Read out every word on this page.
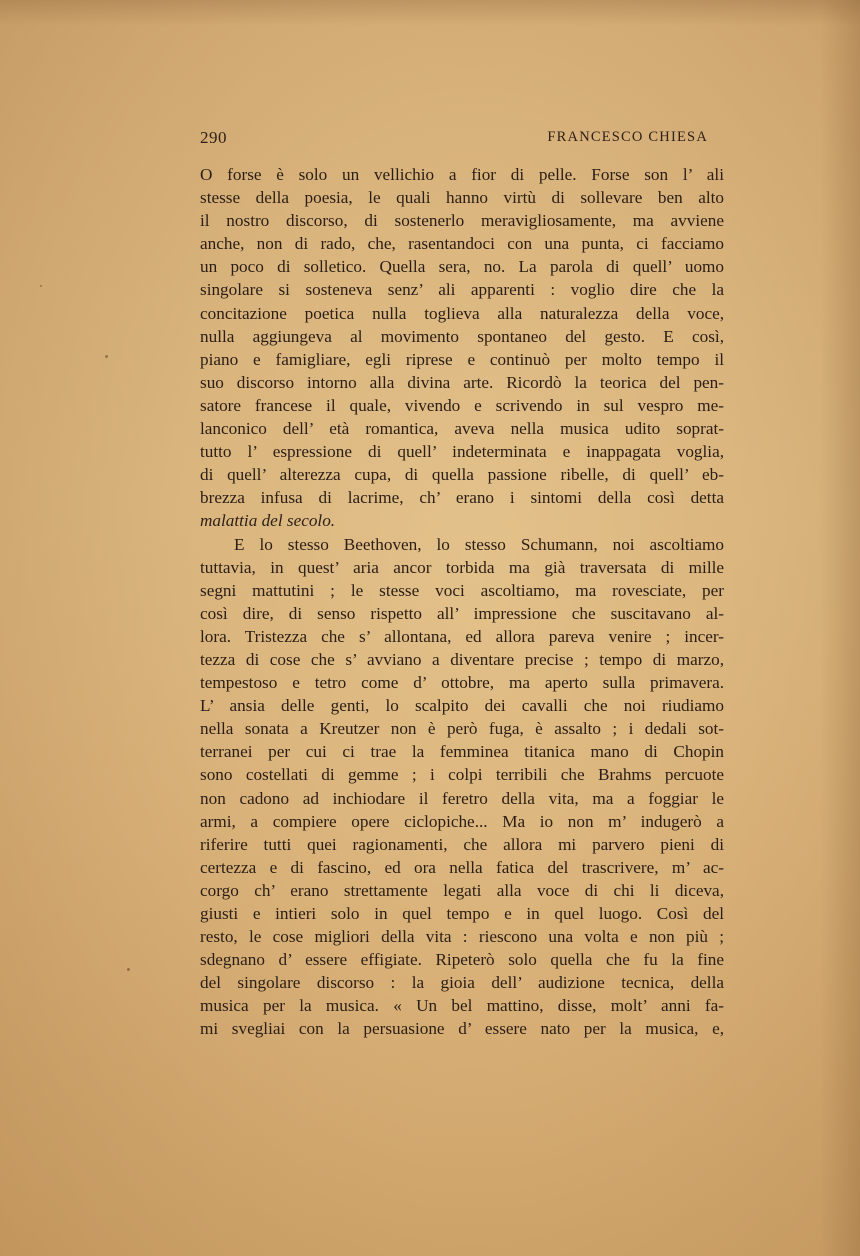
290	FRANCESCO CHIESA
O forse è solo un vellichio a fior di pelle. Forse son l’ ali
stesse della poesia, le quali hanno virtù di sollevare ben alto
il nostro discorso, di sostenerlo meravigliosamente, ma avviene
anche, non di rado, che, rasentandoci con una punta, ci facciamo
un poco di solletico. Quella sera, no. La parola di quell’ uomo
singolare si sosteneva senz’ ali apparenti : voglio dire che la
concitazione poetica nulla toglieva alla naturalezza della voce,
nulla aggiungeva al movimento spontaneo del gesto. E così,
piano e famigliare, egli riprese e continuò per molto tempo il
suo discorso intorno alla divina arte. Ricordò la teorica del pen-
satore francese il quale, vivendo e scrivendo in sul vespro me-
lanconico dell’ età romantica, aveva nella musica udito soprat-
tutto l’ espressione di quell’ indeterminata e inappagata voglia,
di quell’ alterezza cupa, di quella passione ribelle, di quell’ eb-
brezza infusa di lacrime, ch’ erano i sintomi della così detta
malattia del secolo.
E lo stesso Beethoven, lo stesso Schumann, noi ascoltiamo
tuttavia, in quest’ aria ancor torbida ma già traversata di mille
segni mattutini ; le stesse voci ascoltiamo, ma rovesciate, per
così dire, di senso rispetto all’ impressione che suscitavano al-
lora. Tristezza che s’ allontana, ed allora pareva venire ; incer-
tezza di cose che s’ avviano a diventare precise ; tempo di marzo,
tempestoso e tetro come d’ ottobre, ma aperto sulla primavera.
L’ ansia delle genti, lo scalpito dei cavalli che noi riudiamo
nella sonata a Kreutzer non è però fuga, è assalto ; i dedali sot-
terranei per cui ci trae la femminea titanica mano di Chopin
sono costellati di gemme ; i colpi terribili che Brahms percuote
non cadono ad inchiodare il feretro della vita, ma a foggiar le
armi, a compiere opere ciclopiche... Ma io non m’ indugerò a
riferire tutti quei ragionamenti, che allora mi parvero pieni di
certezza e di fascino, ed ora nella fatica del trascrivere, m’ ac-
corgo ch’ erano strettamente legati alla voce di chi li diceva,
giusti e intieri solo in quel tempo e in quel luogo. Così del
resto, le cose migliori della vita : riescono una volta e non più ;
sdegnano d’ essere effigiate. Ripeterò solo quella che fu la fine
del singolare discorso : la gioia dell’ audizione tecnica, della
musica per la musica. « Un bel mattino, disse, molt’ anni fa-
mi svegliai con la persuasione d’ essere nato per la musica, e,
